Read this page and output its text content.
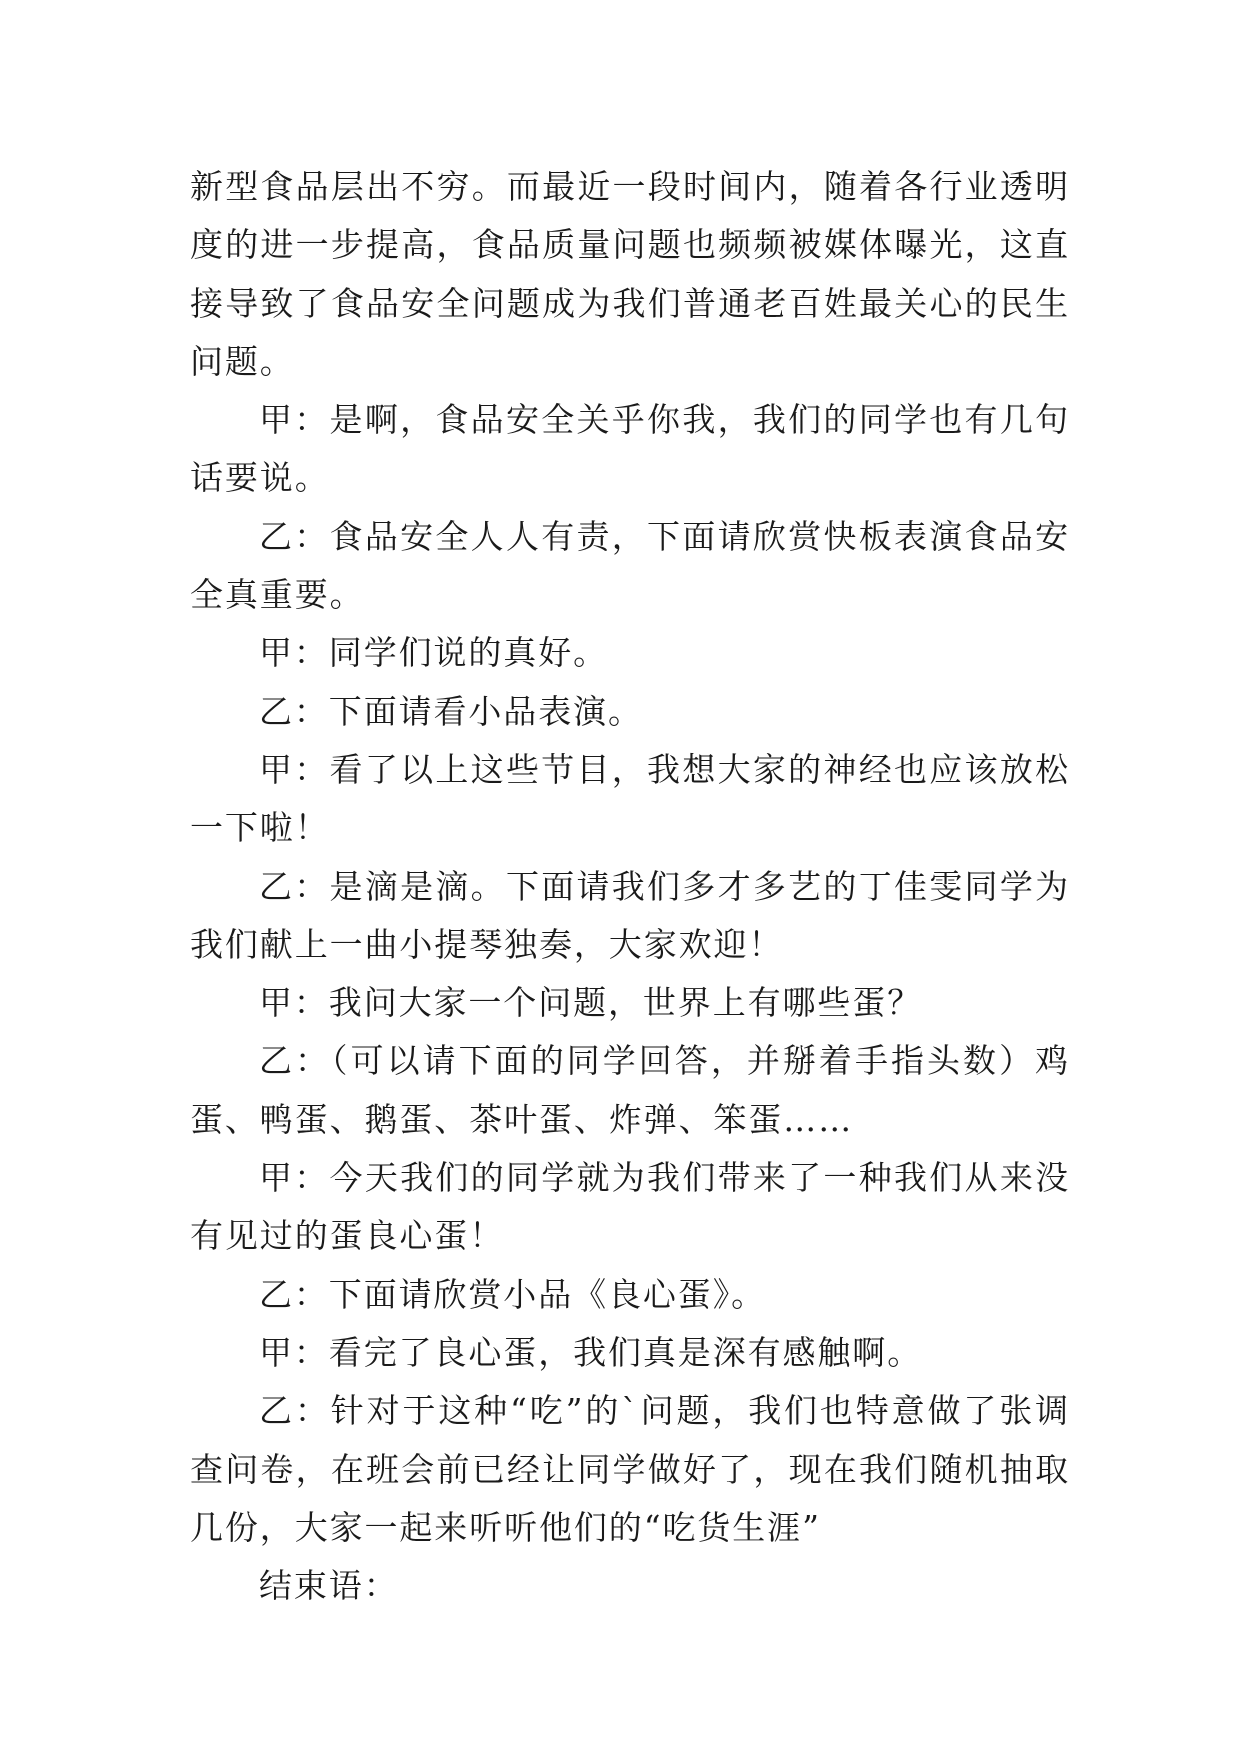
新型食品层出不穷。而最近一段时间内，随着各行业透明度的进一步提高，食品质量问题也频频被媒体曝光，这直接导致了食品安全问题成为我们普通老百姓最关心的民生问题。

甲：是啊，食品安全关乎你我，我们的同学也有几句话要说。

乙：食品安全人人有责，下面请欣赏快板表演食品安全真重要。

甲：同学们说的真好。

乙：下面请看小品表演。

甲：看了以上这些节目，我想大家的神经也应该放松一下啦！

乙：是滴是滴。下面请我们多才多艺的丁佳雯同学为我们献上一曲小提琴独奏，大家欢迎！

甲：我问大家一个问题，世界上有哪些蛋？

乙：（可以请下面的同学回答，并掰着手指头数）鸡蛋、鸭蛋、鹅蛋、茶叶蛋、炸弹、笨蛋……

甲：今天我们的同学就为我们带来了一种我们从来没有见过的蛋良心蛋！

乙：下面请欣赏小品《良心蛋》。

甲：看完了良心蛋，我们真是深有感触啊。

乙：针对于这种“吃”的`问题，我们也特意做了张调查问卷，在班会前已经让同学做好了，现在我们随机抽取几份，大家一起来听听他们的“吃货生涯”

结束语：
